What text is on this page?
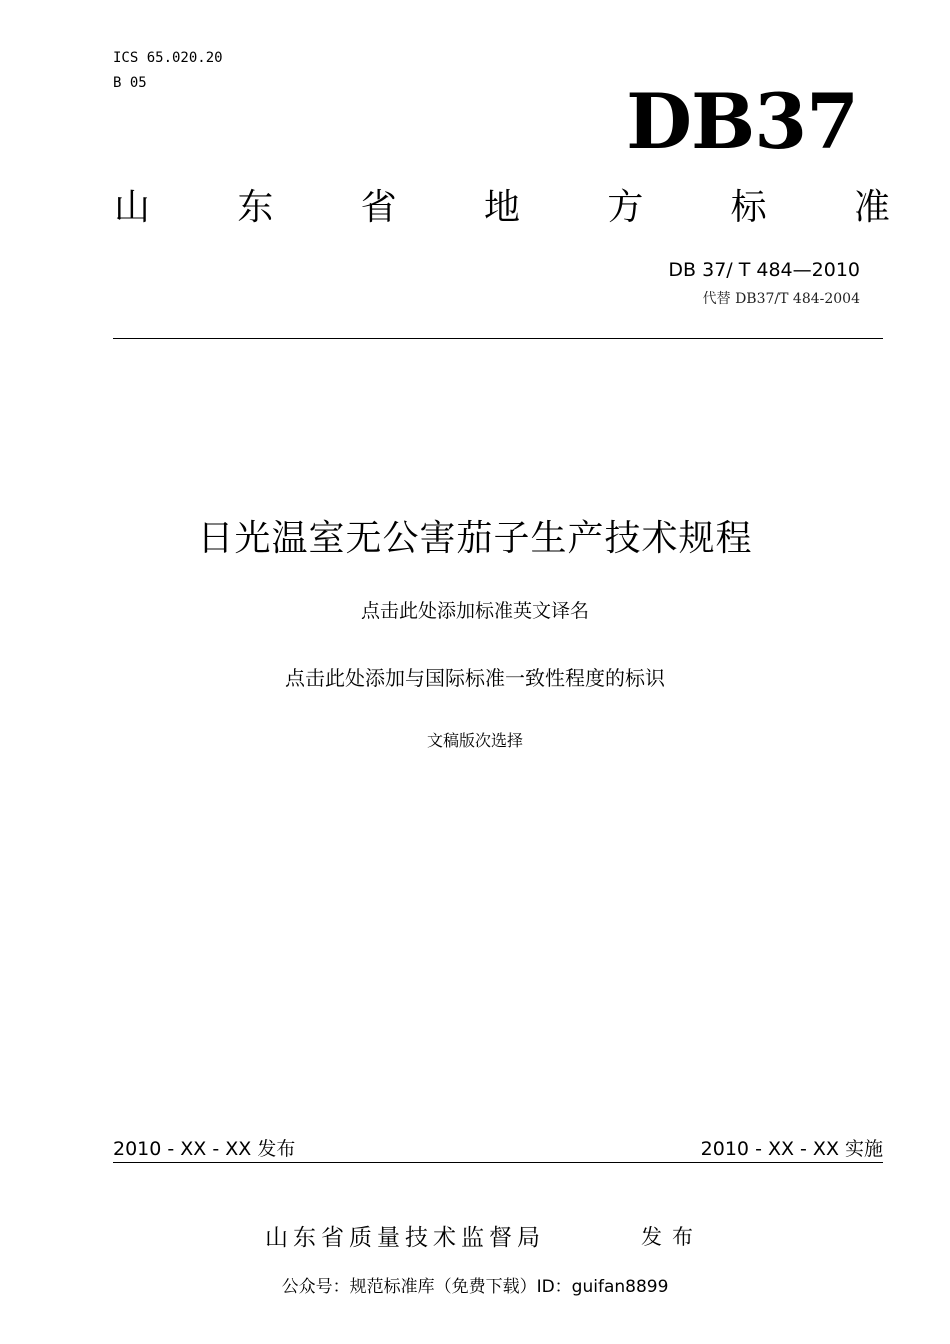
ICS 65.020.20
B 05	DB37
山 东 省 地 方 标 准
DB 37/ T 484—2010
代替 DB37/T 484-2004
日光温室无公害茄子生产技术规程
点击此处添加标准英文译名
点击此处添加与国际标准一致性程度的标识
文稿版次选择
2010 - XX - XX 发布	2010 - XX - XX 实施
山东省质量技术监督局	发布
公众号：规范标准库（免费下载）ID：guifan8899
